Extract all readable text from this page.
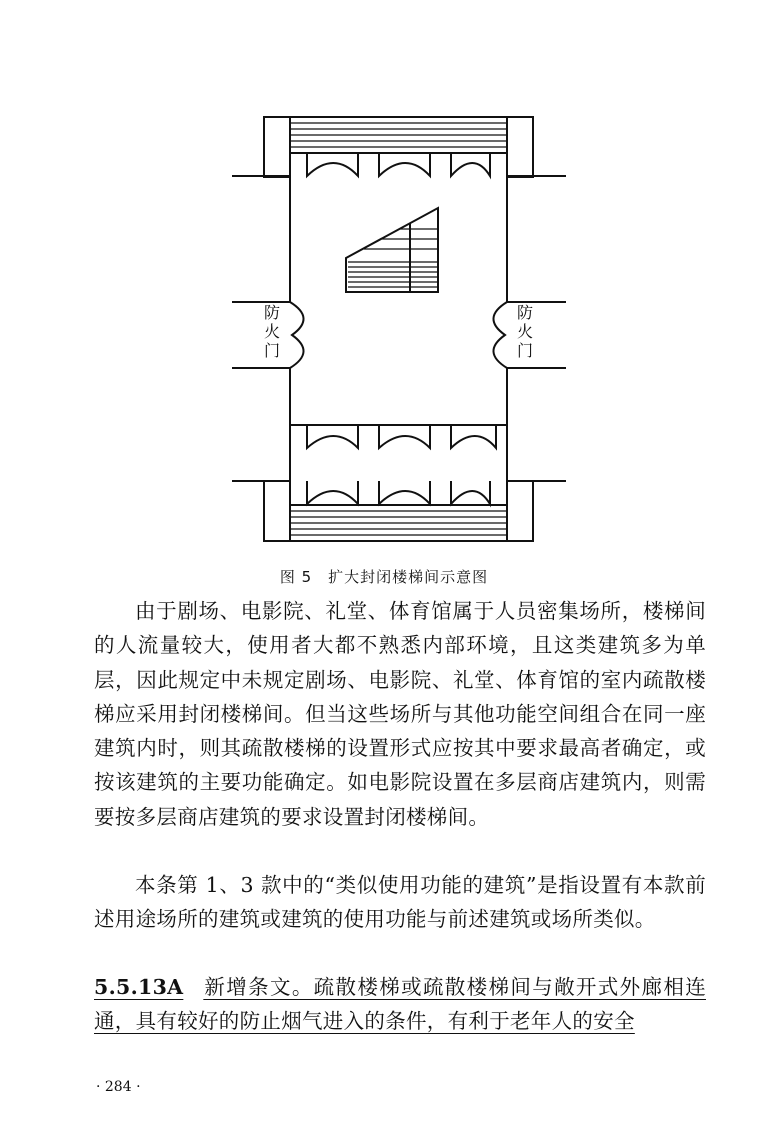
防
火
门
防
火
门
图 5 扩大封闭楼梯间示意图

由于剧场、电影院、礼堂、体育馆属于人员密集场所，楼梯间的人流量较大，使用者大都不熟悉内部环境，且这类建筑多为单层，因此规定中未规定剧场、电影院、礼堂、体育馆的室内疏散楼梯应采用封闭楼梯间。但当这些场所与其他功能空间组合在同一座建筑内时，则其疏散楼梯的设置形式应按其中要求最高者确定，或按该建筑的主要功能确定。如电影院设置在多层商店建筑内，则需要按多层商店建筑的要求设置封闭楼梯间。

本条第 1、3 款中的“类似使用功能的建筑”是指设置有本款前述用途场所的建筑或建筑的使用功能与前述建筑或场所类似。

5.5.13A 新增条文。疏散楼梯或疏散楼梯间与敞开式外廊相连通，具有较好的防止烟气进入的条件，有利于老年人的安全

· 284 ·
